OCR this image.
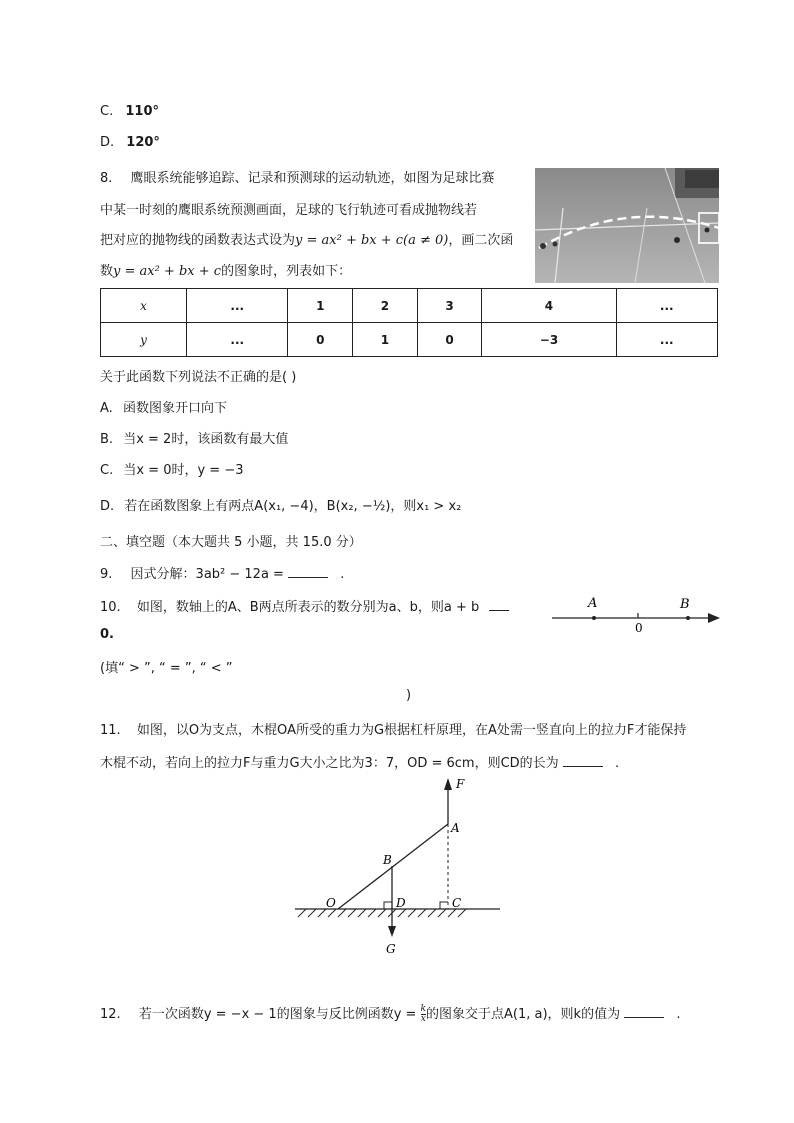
C. 110°
D. 120°
8. 鹰眼系统能够追踪、记录和预测球的运动轨迹，如图为足球比赛
中某一时刻的鹰眼系统预测画面，足球的飞行轨迹可看成抛物线若
把对应的抛物线的函数表达式设为y = ax² + bx + c(a ≠ 0)，画二次函
数y = ax² + bx + c的图象时，列表如下：
x	...	1	2	3	4	...
y	...	0	1	0	−3	...
关于此函数下列说法不正确的是( )
A. 函数图象开口向下
B. 当x = 2时，该函数有最大值
C. 当x = 0时，y = −3
D. 若在函数图象上有两点A(x₁, −4)，B(x₂, −½)，则x₁ > x₂
二、填空题（本大题共 5 小题，共 15.0 分）
9. 因式分解：3ab² − 12a =	.
10. 如图，数轴上的A、B两点所表示的数分别为a、b，则a + b
0.
(填“ > ”, “ = ”, “ < ”
)
A	B
0
11. 如图，以O为支点，木棍OA所受的重力为G根据杠杆原理，在A处需一竖直向上的拉力F才能保持
木棍不动，若向上的拉力F与重力G大小之比为3：7，OD = 6cm，则CD的长为	.
F
A
B
O	D	C
G
12. 若一次函数y = −x − 1的图象与反比例函数$y = \frac{k}{x}$ 的图象交于点A(1, a)，则k的值为	.
